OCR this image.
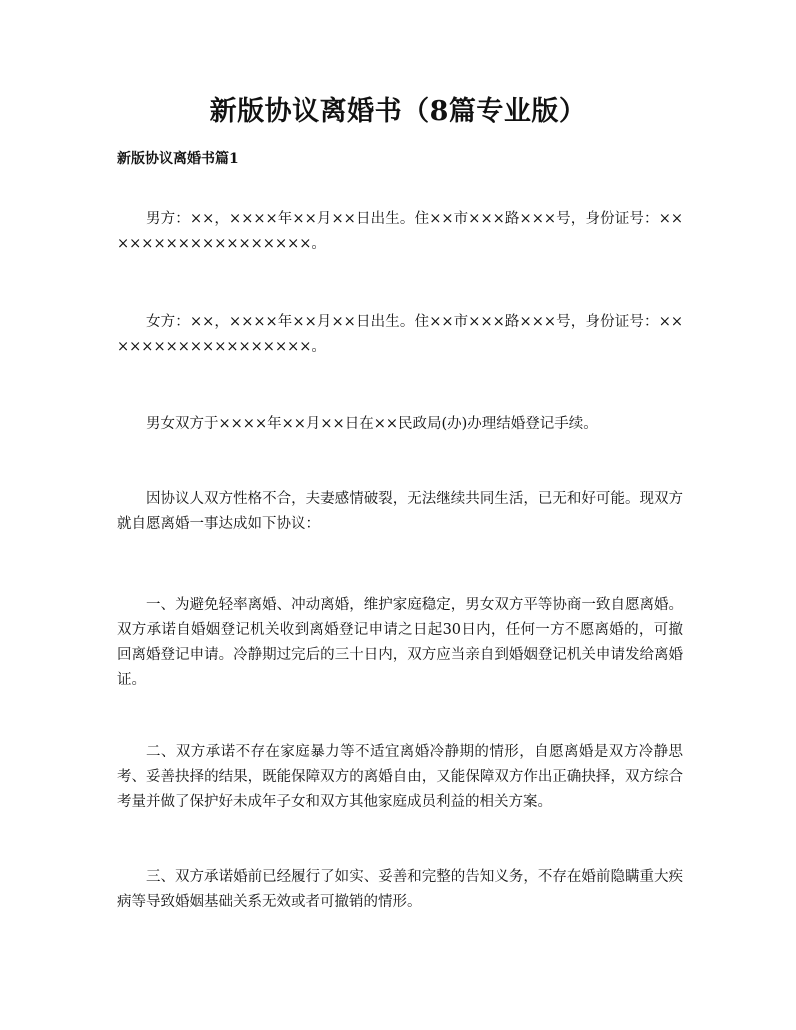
新版协议离婚书（8篇专业版）
新版协议离婚书篇1

男方：××，××××年××月××日出生。住××市×××路×××号，身份证号：××××××××××××××××××。

女方：××，××××年××月××日出生。住××市×××路×××号，身份证号：××××××××××××××××××。

男女双方于××××年××月××日在××民政局(办)办理结婚登记手续。

因协议人双方性格不合，夫妻感情破裂，无法继续共同生活，已无和好可能。现双方就自愿离婚一事达成如下协议：

一、为避免轻率离婚、冲动离婚，维护家庭稳定，男女双方平等协商一致自愿离婚。双方承诺自婚姻登记机关收到离婚登记申请之日起30日内，任何一方不愿离婚的，可撤回离婚登记申请。冷静期过完后的三十日内，双方应当亲自到婚姻登记机关申请发给离婚证。

二、双方承诺不存在家庭暴力等不适宜离婚冷静期的情形，自愿离婚是双方冷静思考、妥善抉择的结果，既能保障双方的离婚自由，又能保障双方作出正确抉择，双方综合考量并做了保护好未成年子女和双方其他家庭成员利益的相关方案。

三、双方承诺婚前已经履行了如实、妥善和完整的告知义务，不存在婚前隐瞒重大疾病等导致婚姻基础关系无效或者可撤销的情形。
